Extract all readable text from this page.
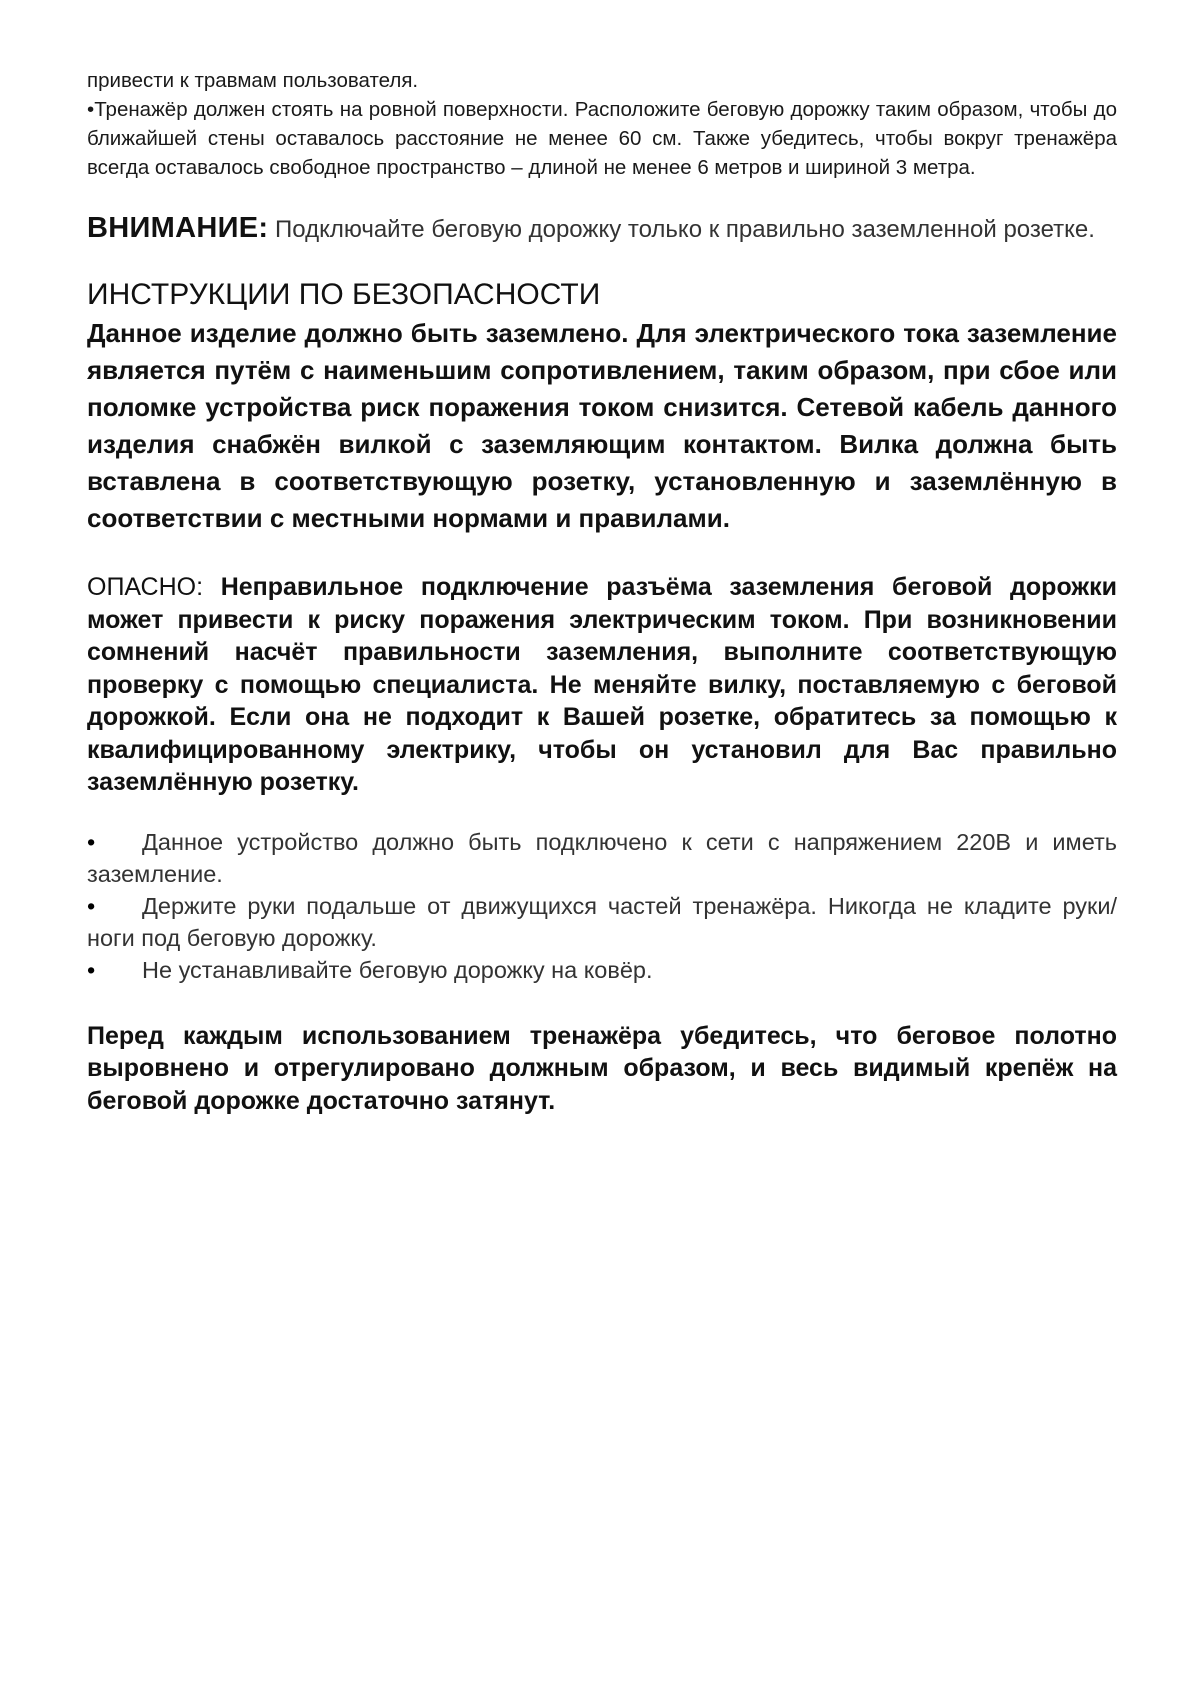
привести к травмам пользователя.

•Тренажёр должен стоять на ровной поверхности. Расположите беговую дорожку таким образом, чтобы до ближайшей стены оставалось расстояние не менее 60 см. Также убедитесь, чтобы вокруг тренажёра всегда оставалось свободное пространство – длиной не менее 6 метров и шириной 3 метра.

ВНИМАНИЕ: Подключайте беговую дорожку только к правильно заземленной розетке.

ИНСТРУКЦИИ ПО БЕЗОПАСНОСТИ

Данное изделие должно быть заземлено. Для электрического тока заземление является путём с наименьшим сопротивлением, таким образом, при сбое или поломке устройства риск поражения током снизится. Сетевой кабель данного изделия снабжён вилкой с заземляющим контактом. Вилка должна быть вставлена в соответствующую розетку, установленную и заземлённую в соответствии с местными нормами и правилами.

ОПАСНО: Неправильное подключение разъёма заземления беговой дорожки может привести к риску поражения электрическим током. При возникновении сомнений насчёт правильности заземления, выполните соответствующую проверку с помощью специалиста. Не меняйте вилку, поставляемую с беговой дорожкой. Если она не подходит к Вашей розетке, обратитесь за помощью к квалифицированному электрику, чтобы он установил для Вас правильно заземлённую розетку.

• Данное устройство должно быть подключено к сети с напряжением 220В и иметь заземление.
• Держите руки подальше от движущихся частей тренажёра. Никогда не кладите руки/ноги под беговую дорожку.
• Не устанавливайте беговую дорожку на ковёр.

Перед каждым использованием тренажёра убедитесь, что беговое полотно выровнено и отрегулировано должным образом, и весь видимый крепёж на беговой дорожке достаточно затянут.
